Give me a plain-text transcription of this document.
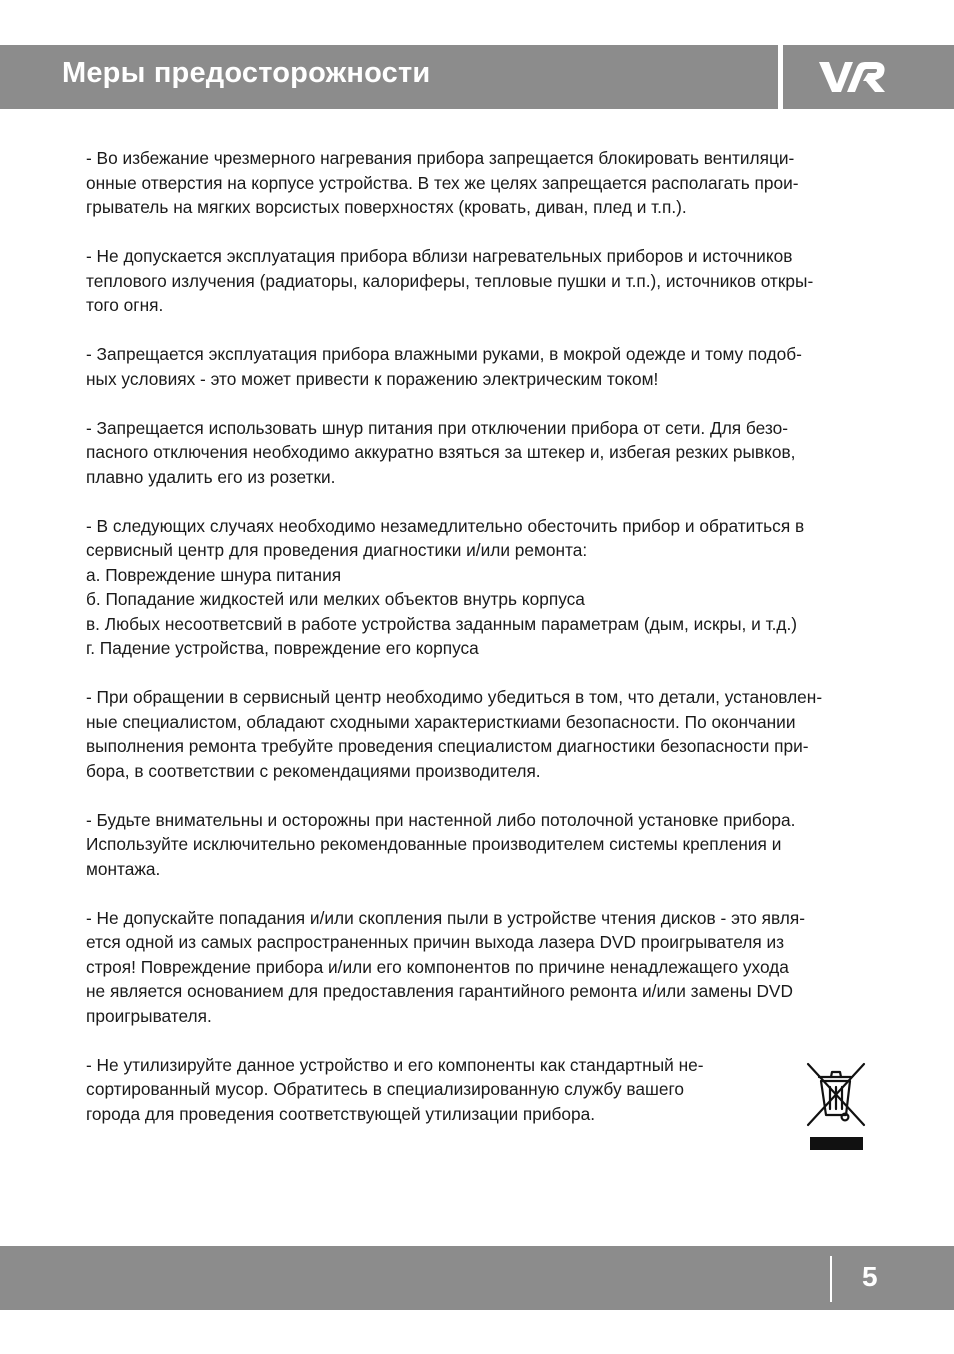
Меры предосторожности

- Во избежание чрезмерного нагревания прибора запрещается блокировать вентиляци-
онные отверстия на корпусе устройства. В тех же целях запрещается располагать прои-
грыватель на мягких ворсистых поверхностях (кровать, диван, плед и т.п.).

- Не допускается эксплуатация прибора вблизи нагревательных приборов и источников
теплового излучения (радиаторы, калориферы, тепловые пушки и т.п.), источников откры-
того огня.

- Запрещается эксплуатация прибора влажными руками, в мокрой одежде и тому подоб-
ных условиях - это может привести к поражению электрическим током!

- Запрещается использовать шнур питания при отключении прибора от сети. Для безо-
пасного отключения необходимо аккуратно взяться за штекер и, избегая резких рывков,
плавно удалить его из розетки.

- В следующих случаях необходимо незамедлительно обесточить прибор и обратиться в
сервисный центр для проведения диагностики и/или ремонта:
а. Повреждение шнура питания
б. Попадание жидкостей или мелких объектов внутрь корпуса
в. Любых несоответсвий в работе устройства заданным параметрам (дым, искры, и т.д.)
г. Падение устройства, повреждение его корпуса

- При обращении в сервисный центр необходимо убедиться в том, что детали, установлен-
ные специалистом, обладают сходными характеристкиами безопасности. По окончании
выполнения ремонта требуйте проведения специалистом диагностики безопасности при-
бора, в соответствии с рекомендациями производителя.

- Будьте внимательны и осторожны при настенной либо потолочной установке прибора.
Используйте исключительно рекомендованные производителем системы крепления и
монтажа.

- Не допускайте попадания и/или скопления пыли в устройстве чтения дисков - это явля-
ется одной из самых распространенных причин выхода лазера DVD проигрывателя из
строя! Повреждение прибора и/или его компонентов по причине ненадлежащего ухода
не является основанием для предоставления гарантийного ремонта и/или замены DVD
проигрывателя.

- Не утилизируйте данное устройство и его компоненты как стандартный не-
сортированный мусор. Обратитесь в специализированную службу вашего
города для проведения соответствующей утилизации прибора.

5
